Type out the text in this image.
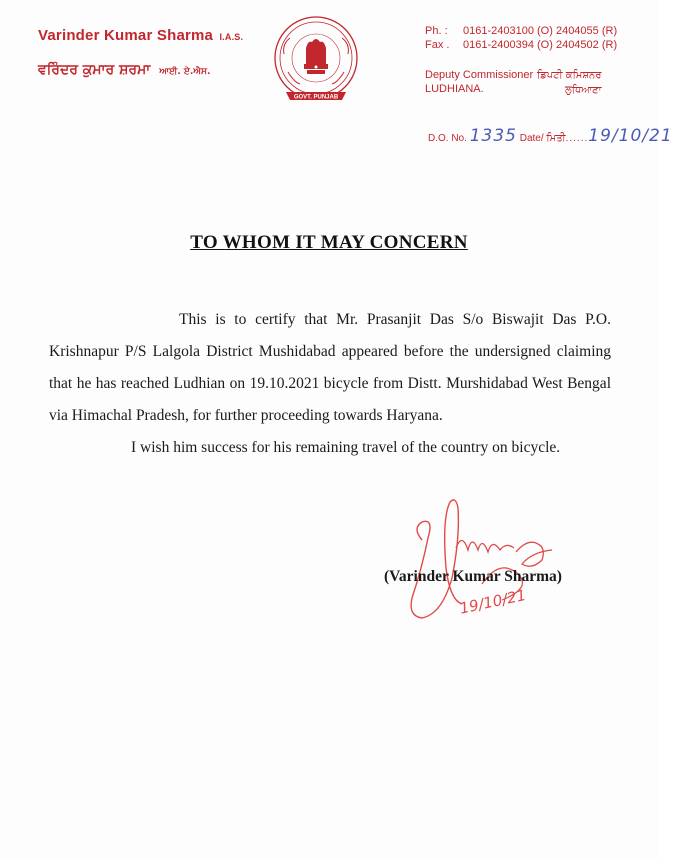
Varinder Kumar Sharma I.A.S.
ਵਰਿੰਦਰ ਕੁਮਾਰ ਸ਼ਰਮਾ ਆਈ. ਏ.ਐਸ.
GOVT. PUNJAB
Ph. : 0161-2403100 (O) 2404055 (R)
Fax . 0161-2400394 (O) 2404502 (R)
Deputy Commissioner
LUDHIANA.
ਡਿਪਟੀ ਕਮਿਸ਼ਨਰ
ਲੁਧਿਆਣਾ
D.O. No. 1335 Date/ ਮਿਤੀ......19/10/21
TO WHOM IT MAY CONCERN

This is to certify that Mr. Prasanjit Das S/o Biswajit Das P.O. Krishnapur P/S Lalgola District Mushidabad appeared before the undersigned claiming that he has reached Ludhian on 19.10.2021 bicycle from Distt. Murshidabad West Bengal via Himachal Pradesh, for further proceeding towards Haryana.

I wish him success for his remaining travel of the country on bicycle.

(Varinder Kumar Sharma)
19/10/21
